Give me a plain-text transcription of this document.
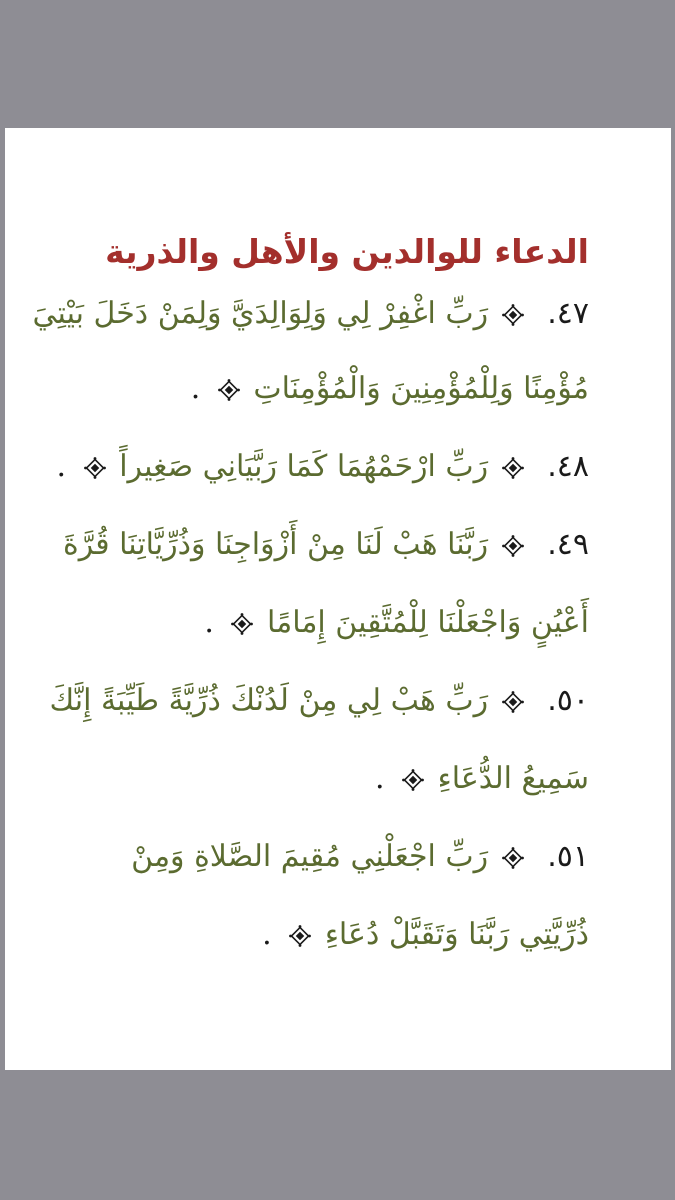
الدعاء للوالدين والأهل والذرية
٤٧.  رَبِّ اغْفِرْ لِي وَلِوَالِدَيَّ وَلِمَنْ دَخَلَ بَيْتِيَ
مُؤْمِنًا وَلِلْمُؤْمِنِينَ وَالْمُؤْمِنَاتِ  .
٤٨.  رَبِّ ارْحَمْهُمَا كَمَا رَبَّيَانِي صَغِيراً  .
٤٩.  رَبَّنَا هَبْ لَنَا مِنْ أَزْوَاجِنَا وَذُرِّيَّاتِنَا قُرَّةَ
أَعْيُنٍ وَاجْعَلْنَا لِلْمُتَّقِينَ إِمَامًا  .
٥٠.  رَبِّ هَبْ لِي مِنْ لَدُنْكَ ذُرِّيَّةً طَيِّبَةً إِنَّكَ
سَمِيعُ الدُّعَاءِ  .
٥١.  رَبِّ اجْعَلْنِي مُقِيمَ الصَّلاةِ وَمِنْ
ذُرِّيَّتِي رَبَّنَا وَتَقَبَّلْ دُعَاءِ  .
